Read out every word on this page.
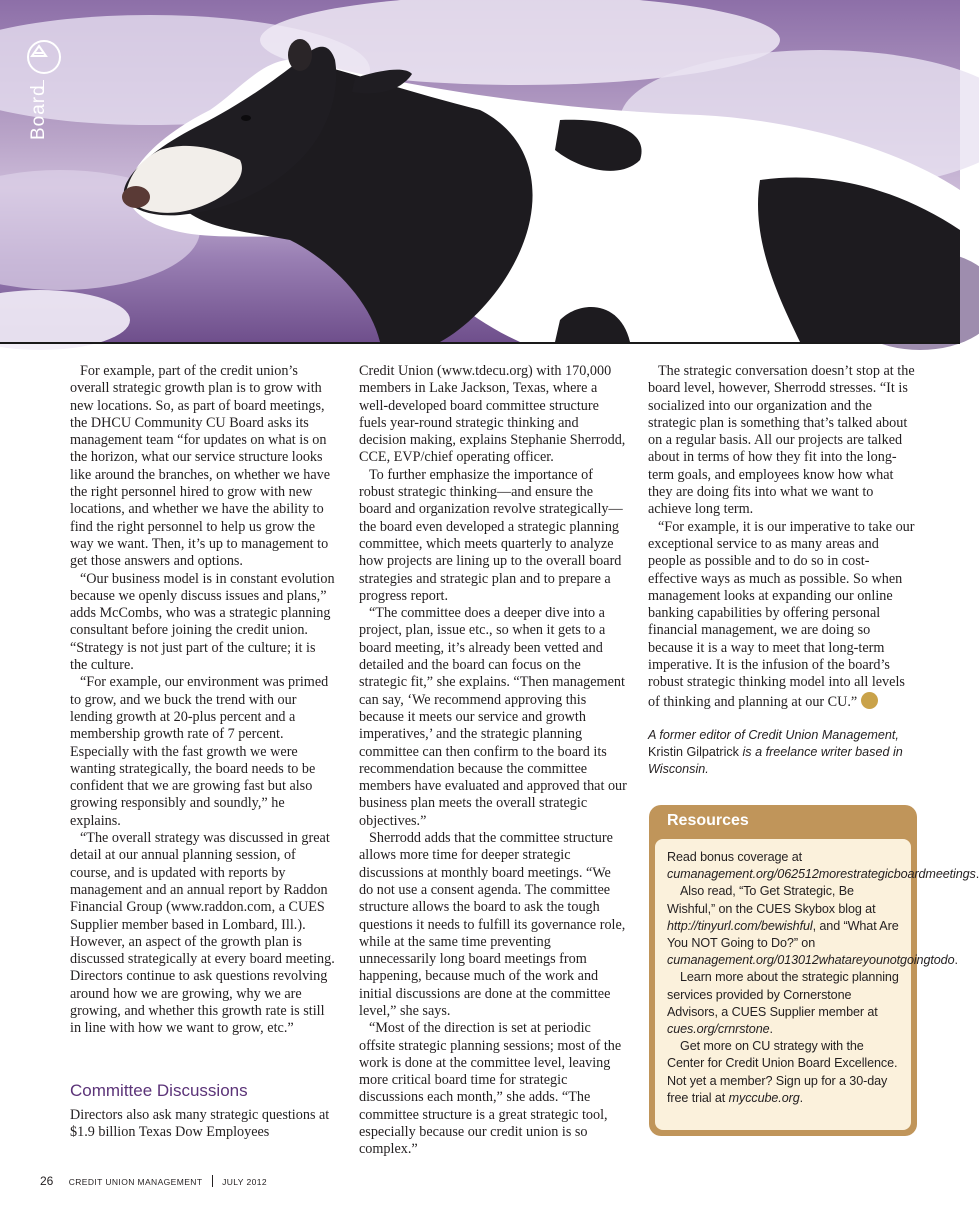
Board

For example, part of the credit union’s overall strategic growth plan is to grow with new locations. So, as part of board meetings, the DHCU Community CU Board asks its management team “for updates on what is on the horizon, what our service structure looks like around the branches, on whether we have the right personnel hired to grow with new locations, and whether we have the ability to find the right personnel to help us grow the way we want. Then, it’s up to management to get those answers and options.

“Our business model is in constant evolution because we openly discuss issues and plans,” adds McCombs, who was a strategic planning consultant before joining the credit union. “Strategy is not just part of the culture; it is the culture.

“For example, our environment was primed to grow, and we buck the trend with our lending growth at 20-plus percent and a membership growth rate of 7 percent. Especially with the fast growth we were wanting strategically, the board needs to be confident that we are growing fast but also growing responsibly and soundly,” he explains.

“The overall strategy was discussed in great detail at our annual planning session, of course, and is updated with reports by management and an annual report by Raddon Financial Group (www.raddon.com, a CUES Supplier member based in Lombard, Ill.). However, an aspect of the growth plan is discussed strategically at every board meeting. Directors continue to ask questions revolving around how we are growing, why we are growing, and whether this growth rate is still in line with how we want to grow, etc.”

Committee Discussions

Directors also ask many strategic questions at $1.9 billion Texas Dow Employees

Credit Union (www.tdecu.org) with 170,000 members in Lake Jackson, Texas, where a well-developed board committee structure fuels year-round strategic thinking and decision making, explains Stephanie Sherrodd, CCE, EVP/chief operating officer.

To further emphasize the importance of robust strategic thinking—and ensure the board and organization revolve strategically—the board even developed a strategic planning committee, which meets quarterly to analyze how projects are lining up to the overall board strategies and strategic plan and to prepare a progress report.

“The committee does a deeper dive into a project, plan, issue etc., so when it gets to a board meeting, it’s already been vetted and detailed and the board can focus on the strategic fit,” she explains. “Then management can say, ‘We recommend approving this because it meets our service and growth imperatives,’ and the strategic planning committee can then confirm to the board its recommendation because the committee members have evaluated and approved that our business plan meets the overall strategic objectives.”

Sherrodd adds that the committee structure allows more time for deeper strategic discussions at monthly board meetings. “We do not use a consent agenda. The committee structure allows the board to ask the tough questions it needs to fulfill its governance role, while at the same time preventing unnecessarily long board meetings from happening, because much of the work and initial discussions are done at the committee level,” she says.

“Most of the direction is set at periodic offsite strategic planning sessions; most of the work is done at the committee level, leaving more critical board time for strategic discussions each month,” she adds. “The committee structure is a great strategic tool, especially because our credit union is so complex.”

The strategic conversation doesn’t stop at the board level, however, Sherrodd stresses. “It is socialized into our organization and the strategic plan is something that’s talked about on a regular basis. All our projects are talked about in terms of how they fit into the long-term goals, and employees know how what they are doing fits into what we want to achieve long term.

“For example, it is our imperative to take our exceptional service to as many areas and people as possible and to do so in cost-effective ways as much as possible. So when management looks at expanding our online banking capabilities by offering personal financial management, we are doing so because it is a way to meet that long-term imperative. It is the infusion of the board’s robust strategic thinking model into all levels of thinking and planning at our CU.”

A former editor of Credit Union Management, Kristin Gilpatrick is a freelance writer based in Wisconsin.
Resources

Read bonus coverage at cumanagement.org/062512morestrategicboardmeetings.

Also read, “To Get Strategic, Be Wishful,” on the CUES Skybox blog at http://tinyurl.com/bewishful, and “What Are You NOT Going to Do?” on cumanagement.org/013012whatareyounotgoingtodo.

Learn more about the strategic planning services provided by Cornerstone Advisors, a CUES Supplier member at cues.org/crnrstone.

Get more on CU strategy with the Center for Credit Union Board Excellence. Not yet a member? Sign up for a 30-day free trial at myccube.org.

26 CREDIT UNION MANAGEMENT JULY 2012
